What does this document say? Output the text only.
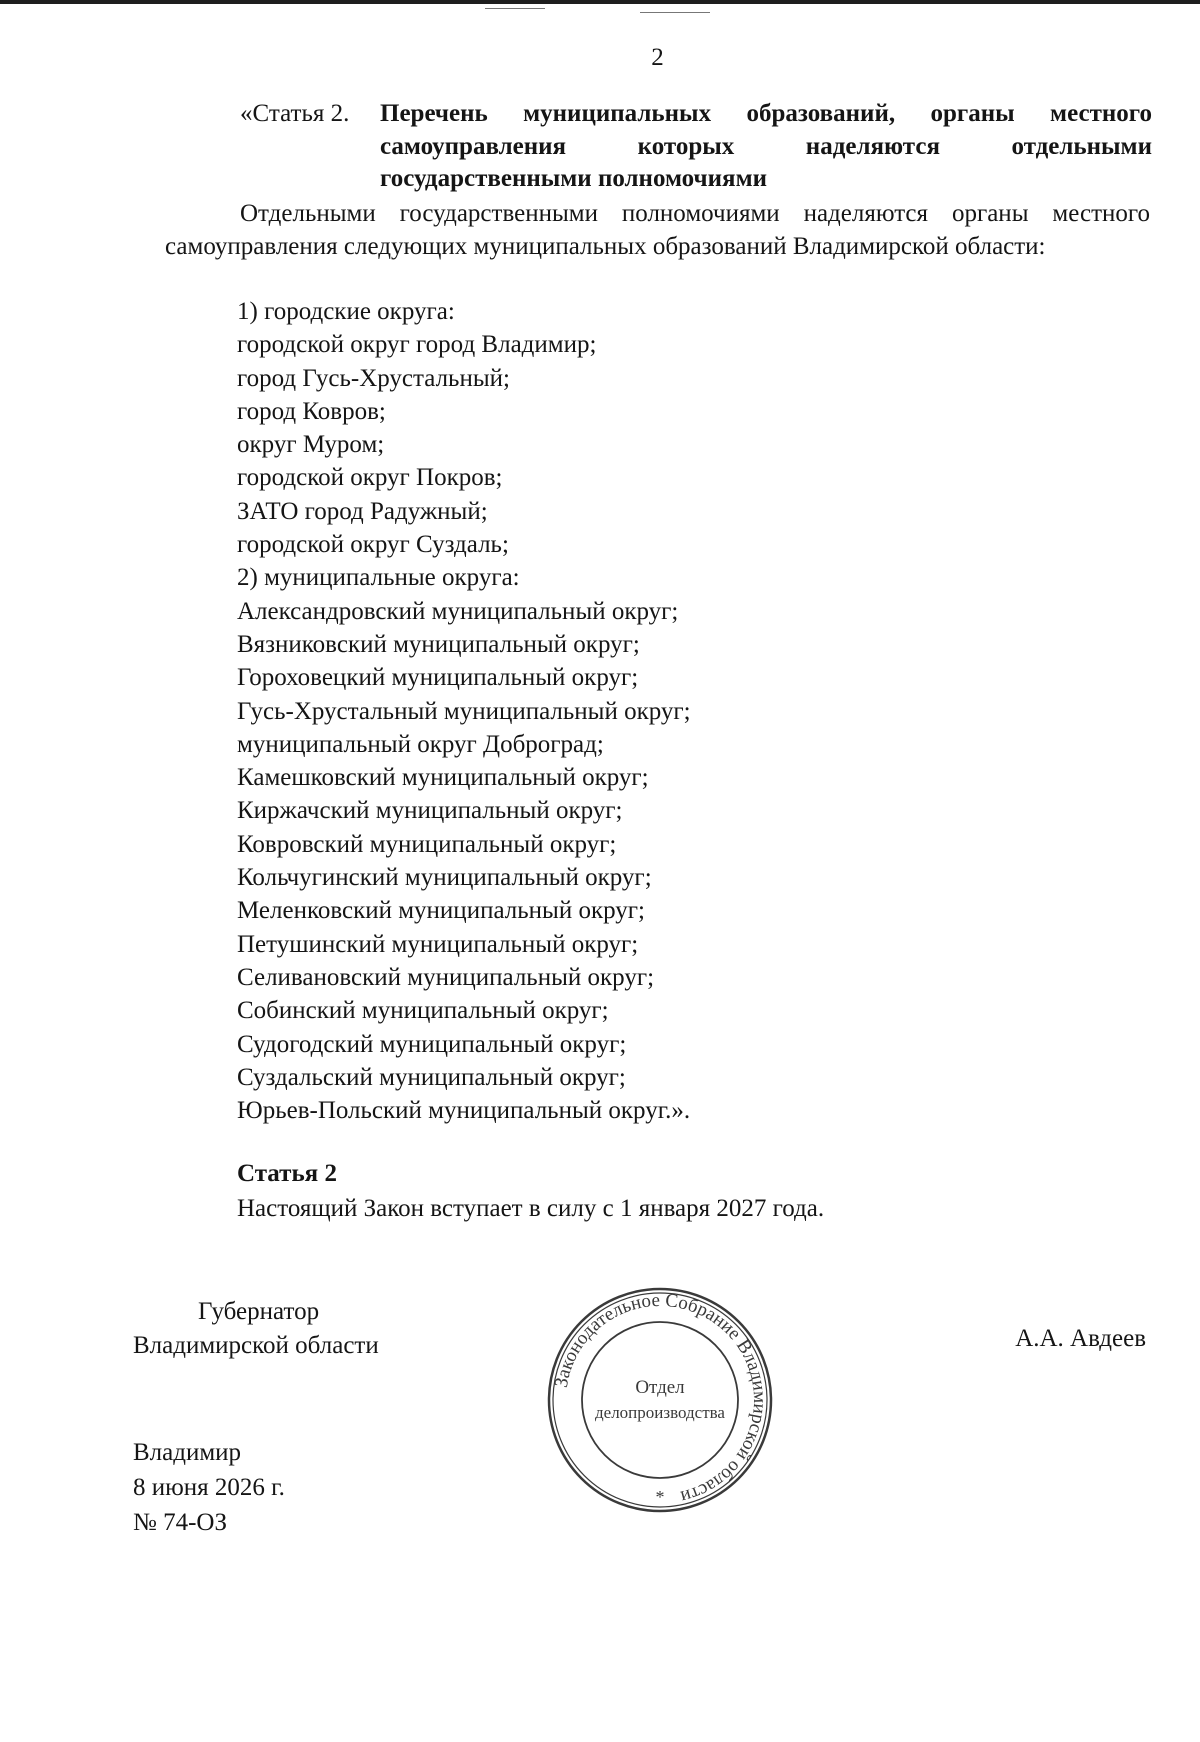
2
«Статья 2. Перечень муниципальных образований, органы местного самоуправления которых наделяются отдельными государственными полномочиями
Отдельными государственными полномочиями наделяются органы местного самоуправления следующих муниципальных образований Владимирской области:
1) городские округа:
городской округ город Владимир;
город Гусь-Хрустальный;
город Ковров;
округ Муром;
городской округ Покров;
ЗАТО город Радужный;
городской округ Суздаль;
2) муниципальные округа:
Александровский муниципальный округ;
Вязниковский муниципальный округ;
Гороховецкий муниципальный округ;
Гусь-Хрустальный муниципальный округ;
муниципальный округ Доброград;
Камешковский муниципальный округ;
Киржачский муниципальный округ;
Ковровский муниципальный округ;
Кольчугинский муниципальный округ;
Меленковский муниципальный округ;
Петушинский муниципальный округ;
Селивановский муниципальный округ;
Собинский муниципальный округ;
Судогодский муниципальный округ;
Суздальский муниципальный округ;
Юрьев-Польский муниципальный округ.».
Статья 2
Настоящий Закон вступает в силу с 1 января 2027 года.
Губернатор
Владимирской области	А.А. Авдеев
Владимир
8 июня 2026 г.
№ 74-ОЗ
Законодательное Собрание Владимирской области
Отдел
делопроизводства
*
